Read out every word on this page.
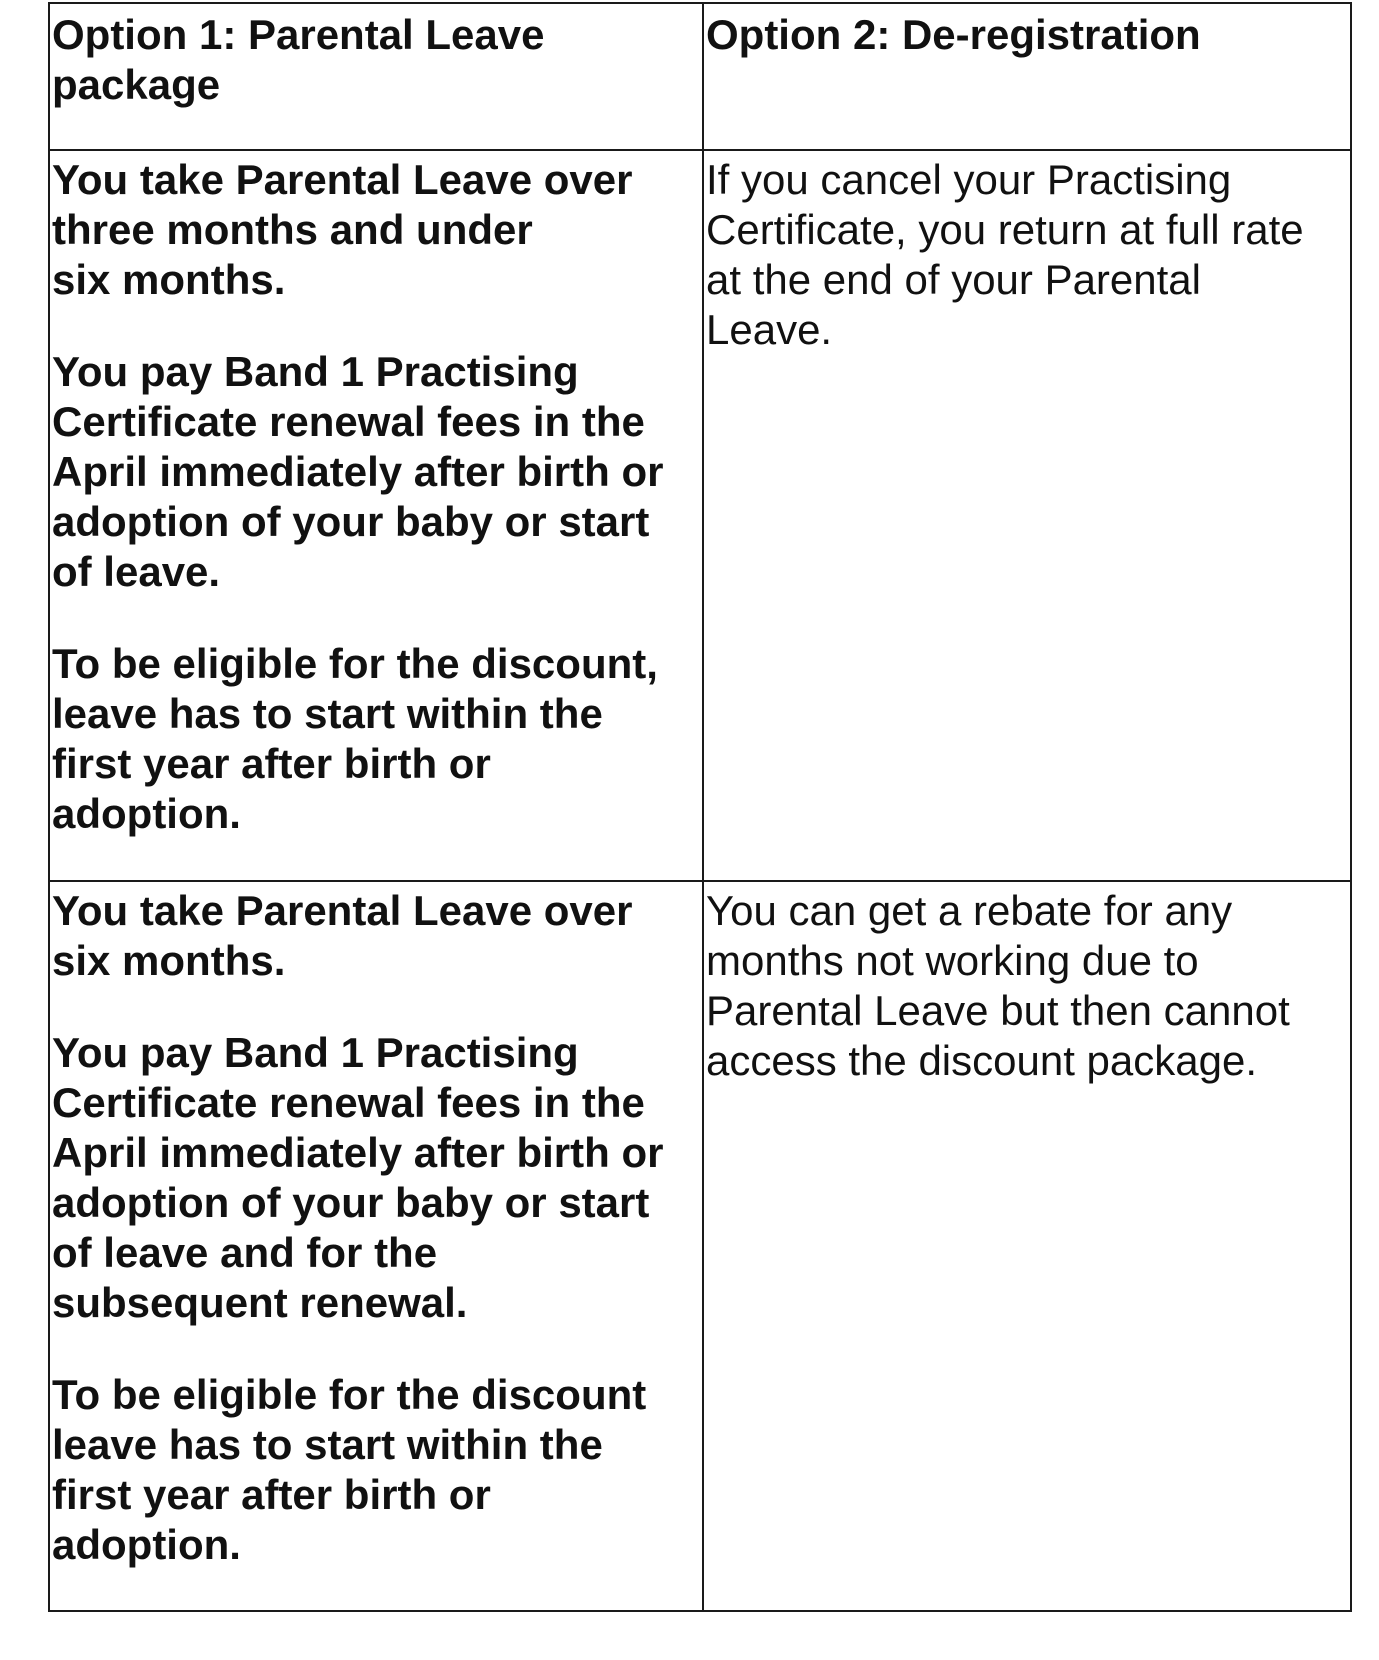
Option 1: Parental Leave
package

Option 2: De-registration

You take Parental Leave over
three months and under
six months.

You pay Band 1 Practising
Certificate renewal fees in the
April immediately after birth or
adoption of your baby or start
of leave.

To be eligible for the discount,
leave has to start within the
first year after birth or
adoption.

If you cancel your Practising
Certificate, you return at full rate
at the end of your Parental
Leave.

You take Parental Leave over
six months.

You pay Band 1 Practising
Certificate renewal fees in the
April immediately after birth or
adoption of your baby or start
of leave and for the
subsequent renewal.

To be eligible for the discount
leave has to start within the
first year after birth or
adoption.

You can get a rebate for any
months not working due to
Parental Leave but then cannot
access the discount package.
